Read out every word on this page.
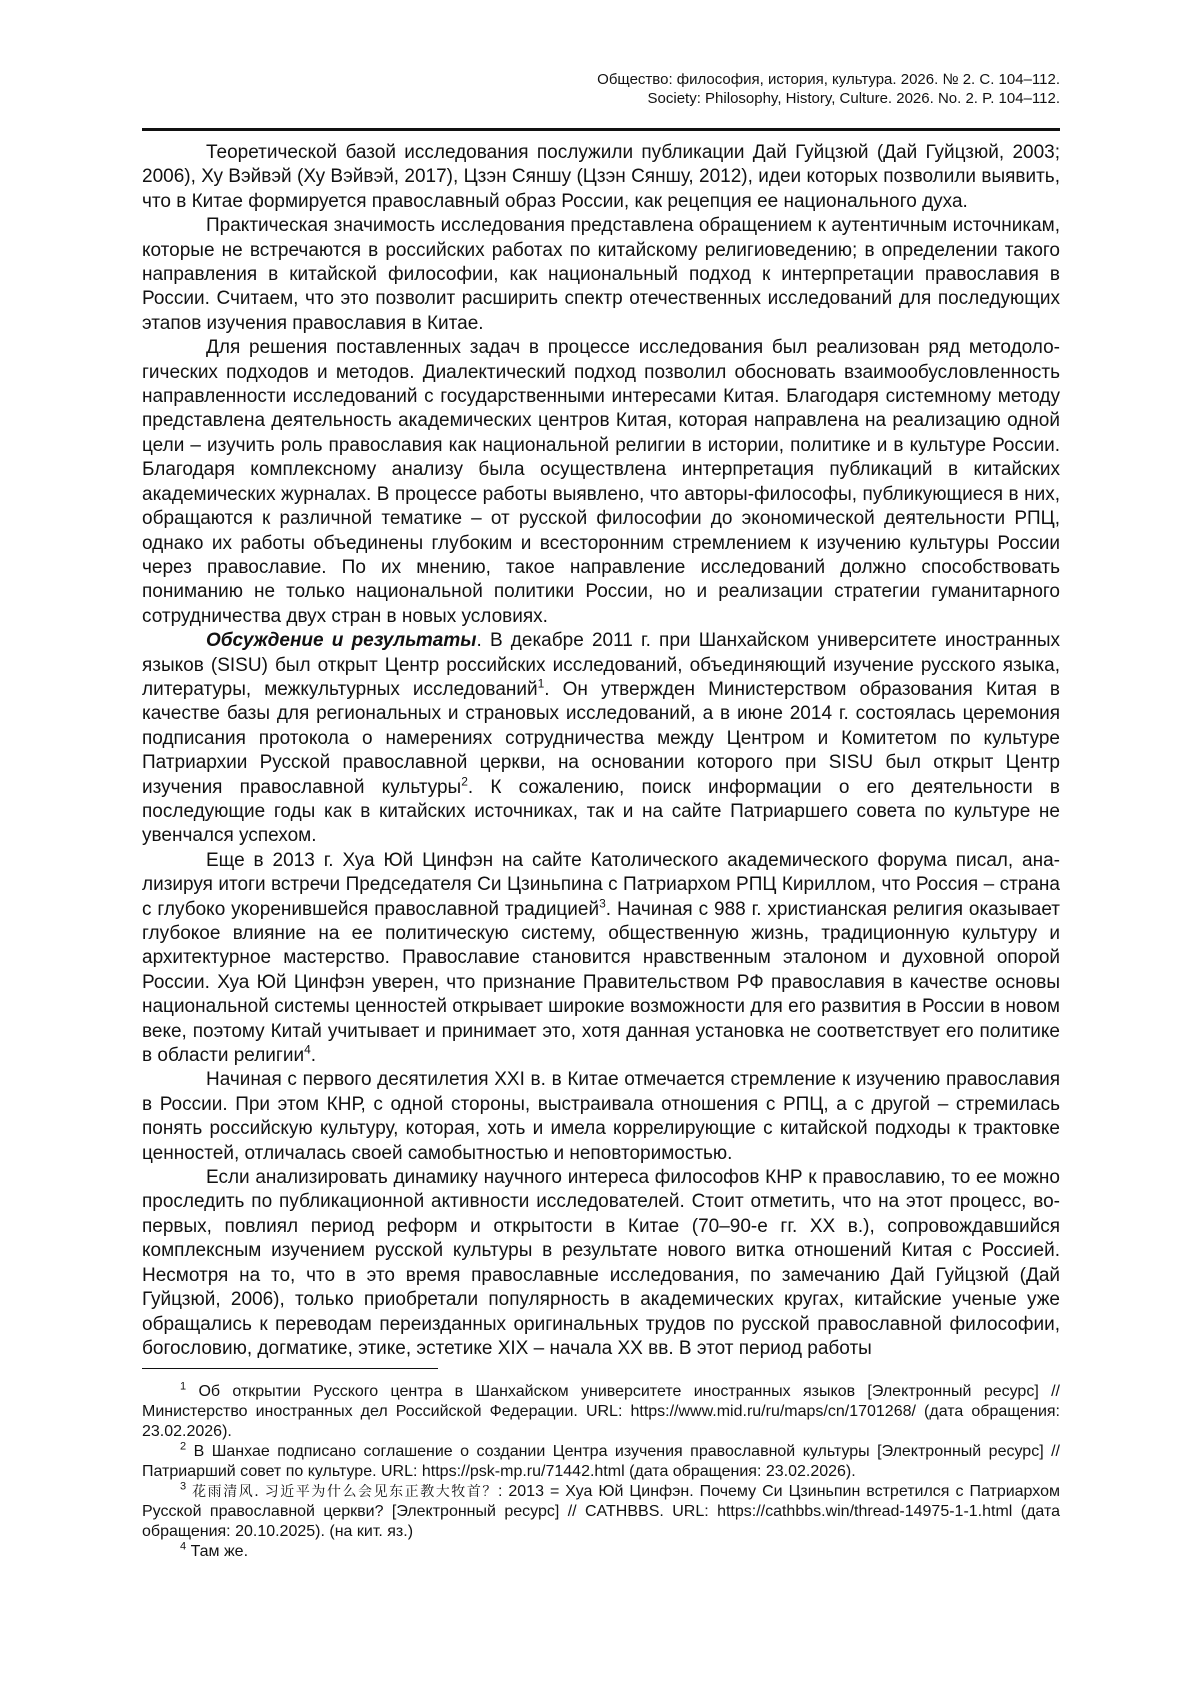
Общество: философия, история, культура. 2026. № 2. С. 104–112.
Society: Philosophy, History, Culture. 2026. No. 2. P. 104–112.

Теоретической базой исследования послужили публикации Дай Гуйцзюй (Дай Гуйцзюй, 2003; 2006), Ху Вэйвэй (Ху Вэйвэй, 2017), Цзэн Сяншу (Цзэн Сяншу, 2012), идеи которых позволили выявить, что в Китае формируется православный образ России, как рецепция ее национального духа.

Практическая значимость исследования представлена обращением к аутентичным источникам, которые не встречаются в российских работах по китайскому религиоведению; в определении такого направления в китайской философии, как национальный подход к интерпретации православия в России. Считаем, что это позволит расширить спектр отечественных исследований для последующих этапов изучения православия в Китае.

Для решения поставленных задач в процессе исследования был реализован ряд методологических подходов и методов. Диалектический подход позволил обосновать взаимообусловленность направленности исследований с государственными интересами Китая. Благодаря системному методу представлена деятельность академических центров Китая, которая направлена на реализацию одной цели – изучить роль православия как национальной религии в истории, политике и в культуре России. Благодаря комплексному анализу была осуществлена интерпретация публикаций в китайских академических журналах. В процессе работы выявлено, что авторы-философы, публикующиеся в них, обращаются к различной тематике – от русской философии до экономической деятельности РПЦ, однако их работы объединены глубоким и всесторонним стремлением к изучению культуры России через православие. По их мнению, такое направление исследований должно способствовать пониманию не только национальной политики России, но и реализации стратегии гуманитарного сотрудничества двух стран в новых условиях.

Обсуждение и результаты. В декабре 2011 г. при Шанхайском университете иностранных языков (SISU) был открыт Центр российских исследований, объединяющий изучение русского языка, литературы, межкультурных исследований$^1$. Он утвержден Министерством образования Китая в качестве базы для региональных и страновых исследований, а в июне 2014 г. состоялась церемония подписания протокола о намерениях сотрудничества между Центром и Комитетом по культуре Патриархии Русской православной церкви, на основании которого при SISU был открыт Центр изучения православной культуры$^2$. К сожалению, поиск информации о его деятельности в последующие годы как в китайских источниках, так и на сайте Патриаршего совета по культуре не увенчался успехом.

Еще в 2013 г. Хуа Юй Цинфэн на сайте Католического академического форума писал, анализируя итоги встречи Председателя Си Цзиньпина с Патриархом РПЦ Кириллом, что Россия – страна с глубоко укоренившейся православной традицией$^3$. Начиная с 988 г. христианская религия оказывает глубокое влияние на ее политическую систему, общественную жизнь, традиционную культуру и архитектурное мастерство. Православие становится нравственным эталоном и духовной опорой России. Хуа Юй Цинфэн уверен, что признание Правительством РФ православия в качестве основы национальной системы ценностей открывает широкие возможности для его развития в России в новом веке, поэтому Китай учитывает и принимает это, хотя данная установка не соответствует его политике в области религии$^4$.

Начиная с первого десятилетия XXI в. в Китае отмечается стремление к изучению православия в России. При этом КНР, с одной стороны, выстраивала отношения с РПЦ, а с другой – стремилась понять российскую культуру, которая, хоть и имела коррелирующие с китайской подходы к трактовке ценностей, отличалась своей самобытностью и неповторимостью.

Если анализировать динамику научного интереса философов КНР к православию, то ее можно проследить по публикационной активности исследователей. Стоит отметить, что на этот процесс, во-первых, повлиял период реформ и открытости в Китае (70–90-е гг. XX в.), сопровождавшийся комплексным изучением русской культуры в результате нового витка отношений Китая с Россией. Несмотря на то, что в это время православные исследования, по замечанию Дай Гуйцзюй (Дай Гуйцзюй, 2006), только приобретали популярность в академических кругах, китайские ученые уже обращались к переводам переизданных оригинальных трудов по русской православной философии, богословию, догматике, этике, эстетике XIX – начала XX вв. В этот период работы

$^1$ Об открытии Русского центра в Шанхайском университете иностранных языков [Электронный ресурс] // Министерство иностранных дел Российской Федерации. URL: https://www.mid.ru/ru/maps/cn/1701268/ (дата обращения: 23.02.2026).

$^2$ В Шанхае подписано соглашение о создании Центра изучения православной культуры [Электронный ресурс] // Патриарший совет по культуре. URL: https://psk-mp.ru/71442.html (дата обращения: 23.02.2026).

$^3$ 花雨清风. 习近平为什么会见东正教大牧首？: 2013 = Хуа Юй Цинфэн. Почему Си Цзиньпин встретился с Патриархом Русской православной церкви? [Электронный ресурс] // CATHBBS. URL: https://cathbbs.win/thread-14975-1-1.html (дата обращения: 20.10.2025). (на кит. яз.)

$^4$ Там же.
